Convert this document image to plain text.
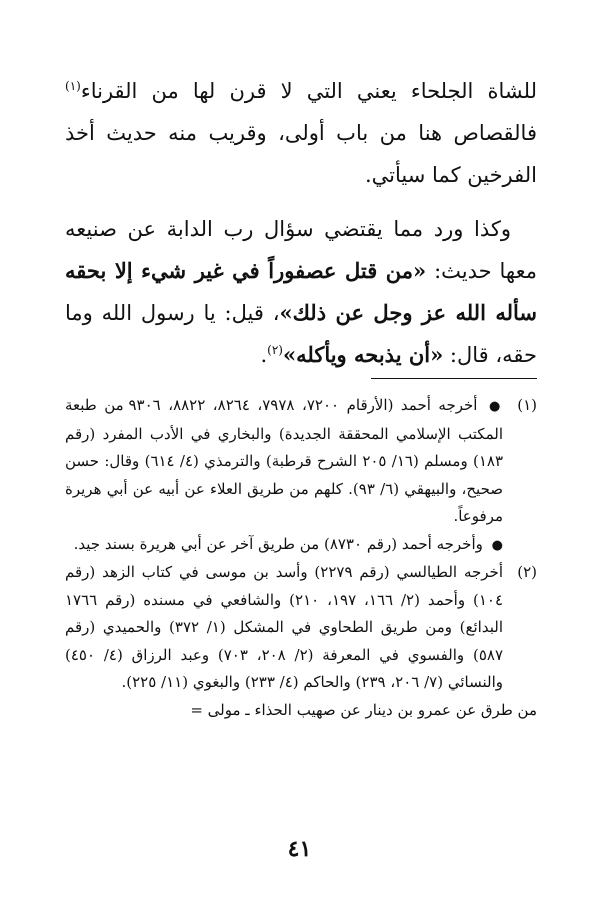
للشاة الجلحاء يعني التي لا قرن لها من القرناء$^{(١)}$ فالقصاص هنا من باب أولى، وقريب منه حديث أخذ الفرخين كما سيأتي.

وكذا ورد مما يقتضي سؤال رب الدابة عن صنيعه معها حديث: «من قتل عصفوراً في غير شيء إلا بحقه سأله الله عز وجل عن ذلك»، قيل: يا رسول الله وما حقه، قال: «أن يذبحه ويأكله»$^{(٢)}$.

(١)

● أخرجه أحمد (الأرقام ٧٢٠٠، ٧٩٧٨، ٨٢٦٤، ٨٨٢٢، ٩٣٠٦ من طبعة المكتب الإسلامي المحققة الجديدة) والبخاري في الأدب المفرد (رقم ١٨٣) ومسلم (١٦/ ٢٠٥ الشرح قرطبة) والترمذي (٤/ ٦١٤) وقال: حسن صحيح، والبيهقي (٦/ ٩٣). كلهم من طريق العلاء عن أبيه عن أبي هريرة مرفوعاً.

● وأخرجه أحمد (رقم ٨٧٣٠) من طريق آخر عن أبي هريرة بسند جيد.

(٢)

أخرجه الطيالسي (رقم ٢٢٧٩) وأسد بن موسى في كتاب الزهد (رقم ١٠٤) وأحمد (٢/ ١٦٦، ١٩٧، ٢١٠) والشافعي في مسنده (رقم ١٧٦٦ البدائع) ومن طريق الطحاوي في المشكل (١/ ٣٧٢) والحميدي (رقم ٥٨٧) والفسوي في المعرفة (٢/ ٢٠٨، ٧٠٣) وعبد الرزاق (٤/ ٤٥٠) والنسائي (٧/ ٢٠٦، ٢٣٩) والحاكم (٤/ ٢٣٣) والبغوي (١١/ ٢٢٥).

من طرق عن عمرو بن دينار عن صهيب الحذاء ـ مولى =

٤١
